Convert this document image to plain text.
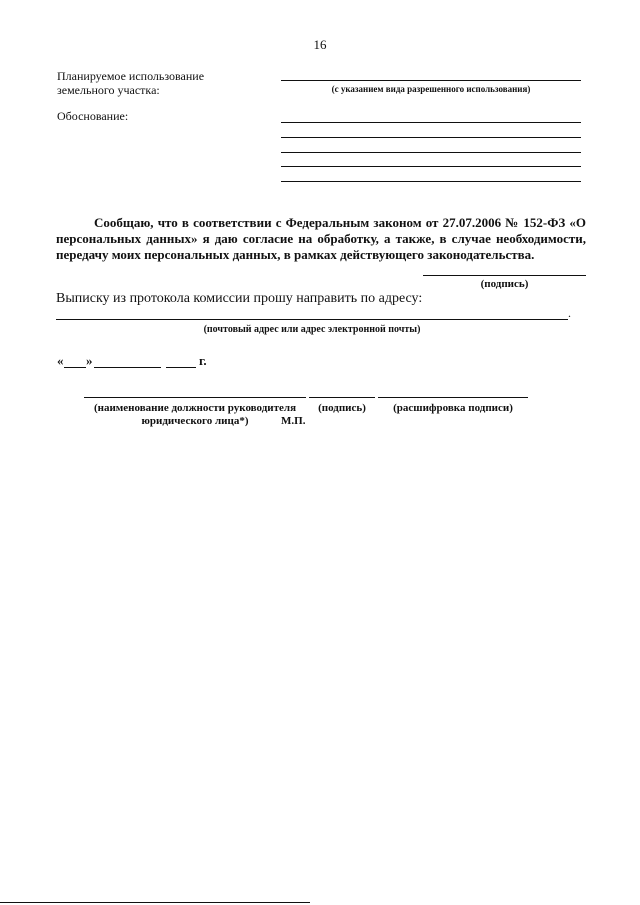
16
Планируемое использование земельного участка:	(с указанием вида разрешенного использования)
Обоснование:
Сообщаю, что в соответствии с Федеральным законом от 27.07.2006 № 152-ФЗ «О персональных данных» я даю согласие на обработку, а также, в случае необходимости, передачу моих персональных данных, в рамках действующего законодательства.
(подпись)
Выписку из протокола комиссии прошу направить по адресу:
.
(почтовый адрес или адрес электронной почты)
« »	г.
(наименование должности руководителя юридического лица*)
(подпись)	(расшифровка подписи)
М.П.
